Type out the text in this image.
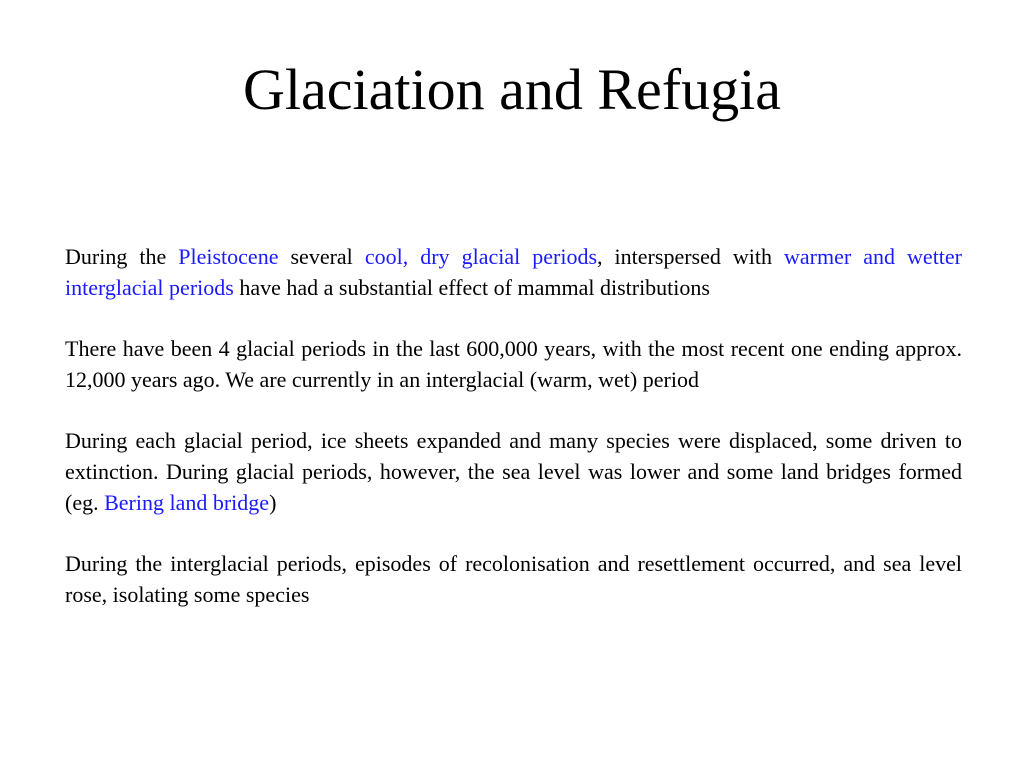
Glaciation and Refugia

During the Pleistocene several cool, dry glacial periods, interspersed with warmer and wetter interglacial periods have had a substantial effect of mammal distributions

There have been 4 glacial periods in the last 600,000 years, with the most recent one ending approx. 12,000 years ago. We are currently in an interglacial (warm, wet) period

During each glacial period, ice sheets expanded and many species were displaced, some driven to extinction. During glacial periods, however, the sea level was lower and some land bridges formed (eg. Bering land bridge)

During the interglacial periods, episodes of recolonisation and resettlement occurred, and sea level rose, isolating some species
